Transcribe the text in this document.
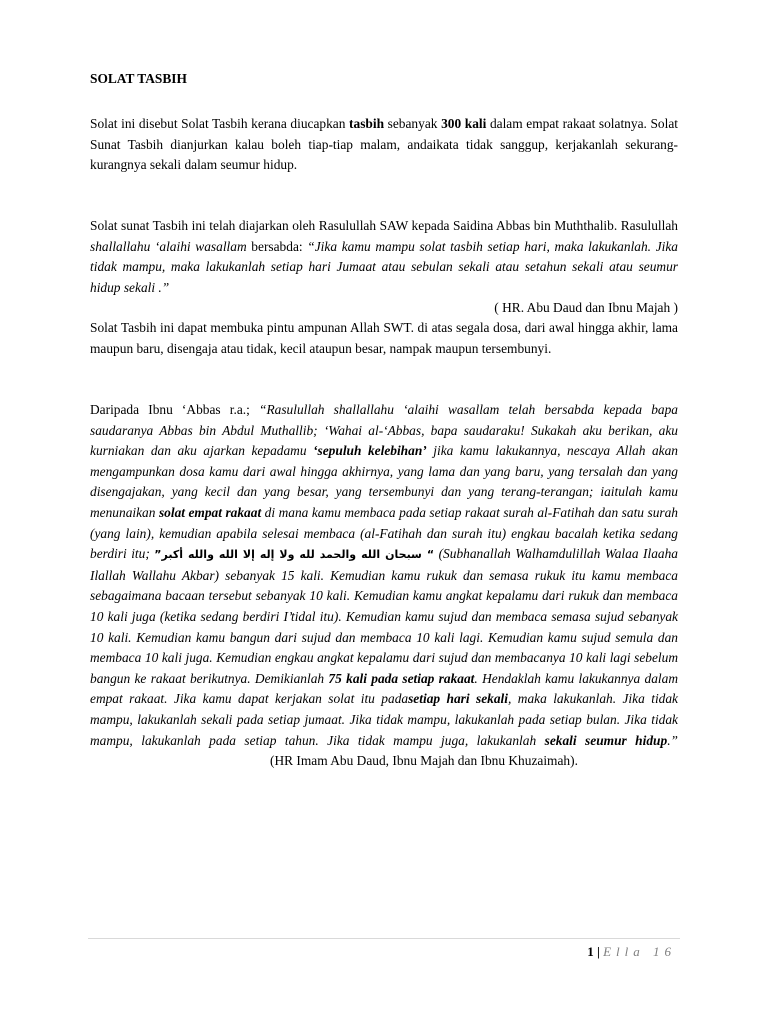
SOLAT TASBIH

Solat ini disebut Solat Tasbih kerana diucapkan tasbih sebanyak 300 kali dalam empat rakaat solatnya. Solat Sunat Tasbih dianjurkan kalau boleh tiap-tiap malam, andaikata tidak sanggup, kerjakanlah sekurang-kurangnya sekali dalam seumur hidup.

Solat sunat Tasbih ini telah diajarkan oleh Rasulullah SAW kepada Saidina Abbas bin Muththalib. Rasulullah shallallahu ‘alaihi wasallam bersabda: “Jika kamu mampu solat tasbih setiap hari, maka lakukanlah. Jika tidak mampu, maka lakukanlah setiap hari Jumaat atau sebulan sekali atau setahun sekali atau seumur hidup sekali .”
( HR. Abu Daud dan Ibnu Majah )

Solat Tasbih ini dapat membuka pintu ampunan Allah SWT. di atas segala dosa, dari awal hingga akhir, lama maupun baru, disengaja atau tidak, kecil ataupun besar, nampak maupun tersembunyi.

Daripada Ibnu ‘Abbas r.a.; “Rasulullah shallallahu ‘alaihi wasallam telah bersabda kepada bapa saudaranya Abbas bin Abdul Muthallib; ‘Wahai al-‘Abbas, bapa saudaraku! Sukakah aku berikan, aku kurniakan dan aku ajarkan kepadamu ‘sepuluh kelebihan’ jika kamu lakukannya, nescaya Allah akan mengampunkan dosa kamu dari awal hingga akhirnya, yang lama dan yang baru, yang tersalah dan yang disengajakan, yang kecil dan yang besar, yang tersembunyi dan yang terang-terangan; iaitulah kamu menunaikan solat empat rakaat di mana kamu membaca pada setiap rakaat surah al-Fatihah dan satu surah (yang lain), kemudian apabila selesai membaca (al-Fatihah dan surah itu) engkau bacalah ketika sedang berdiri itu; “ سبحان الله والحمد لله ولا إله إلا الله والله أكبر” (Subhanallah Walhamdulillah Walaa Ilaaha Ilallah Wallahu Akbar) sebanyak 15 kali. Kemudian kamu rukuk dan semasa rukuk itu kamu membaca sebagaimana bacaan tersebut sebanyak 10 kali. Kemudian kamu angkat kepalamu dari rukuk dan membaca 10 kali juga (ketika sedang berdiri I’tidal itu). Kemudian kamu sujud dan membaca semasa sujud sebanyak 10 kali. Kemudian kamu bangun dari sujud dan membaca 10 kali lagi. Kemudian kamu sujud semula dan membaca 10 kali juga. Kemudian engkau angkat kepalamu dari sujud dan membacanya 10 kali lagi sebelum bangun ke rakaat berikutnya. Demikianlah 75 kali pada setiap rakaat. Hendaklah kamu lakukannya dalam empat rakaat. Jika kamu dapat kerjakan solat itu padasetiap hari sekali, maka lakukanlah. Jika tidak mampu, lakukanlah sekali pada setiap jumaat. Jika tidak mampu, lakukanlah pada setiap bulan. Jika tidak mampu, lakukanlah pada setiap tahun. Jika tidak mampu juga, lakukanlah sekali seumur hidup.”(HR Imam Abu Daud, Ibnu Majah dan Ibnu Khuzaimah).

1 | Ella 16
